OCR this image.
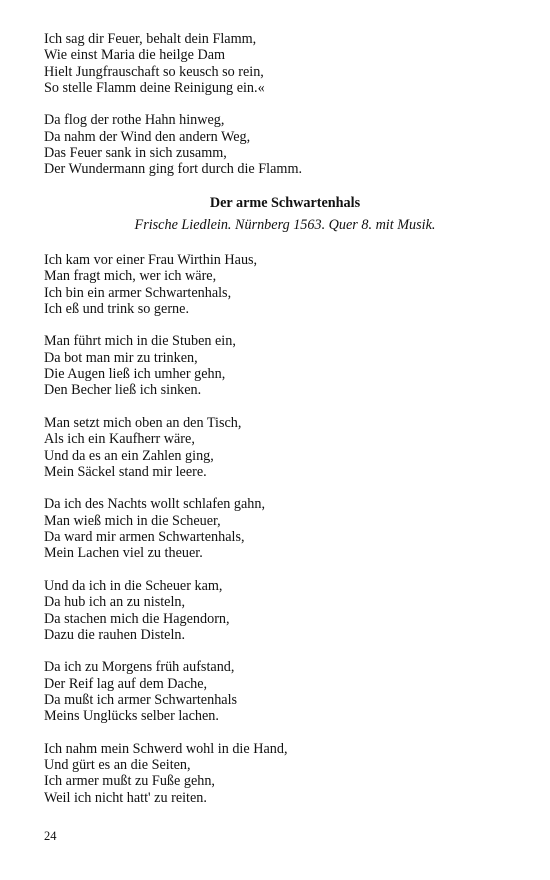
Ich sag dir Feuer, behalt dein Flamm,
Wie einst Maria die heilge Dam
Hielt Jungfrauschaft so keusch so rein,
So stelle Flamm deine Reinigung ein.«
Da flog der rothe Hahn hinweg,
Da nahm der Wind den andern Weg,
Das Feuer sank in sich zusamm,
Der Wundermann ging fort durch die Flamm.
Der arme Schwartenhals
Frische Liedlein. Nürnberg 1563. Quer 8. mit Musik.
Ich kam vor einer Frau Wirthin Haus,
Man fragt mich, wer ich wäre,
Ich bin ein armer Schwartenhals,
Ich eß und trink so gerne.
Man führt mich in die Stuben ein,
Da bot man mir zu trinken,
Die Augen ließ ich umher gehn,
Den Becher ließ ich sinken.
Man setzt mich oben an den Tisch,
Als ich ein Kaufherr wäre,
Und da es an ein Zahlen ging,
Mein Säckel stand mir leere.
Da ich des Nachts wollt schlafen gahn,
Man wieß mich in die Scheuer,
Da ward mir armen Schwartenhals,
Mein Lachen viel zu theuer.
Und da ich in die Scheuer kam,
Da hub ich an zu nisteln,
Da stachen mich die Hagendorn,
Dazu die rauhen Disteln.
Da ich zu Morgens früh aufstand,
Der Reif lag auf dem Dache,
Da mußt ich armer Schwartenhals
Meins Unglücks selber lachen.
Ich nahm mein Schwerd wohl in die Hand,
Und gürt es an die Seiten,
Ich armer mußt zu Fuße gehn,
Weil ich nicht hatt' zu reiten.
24
